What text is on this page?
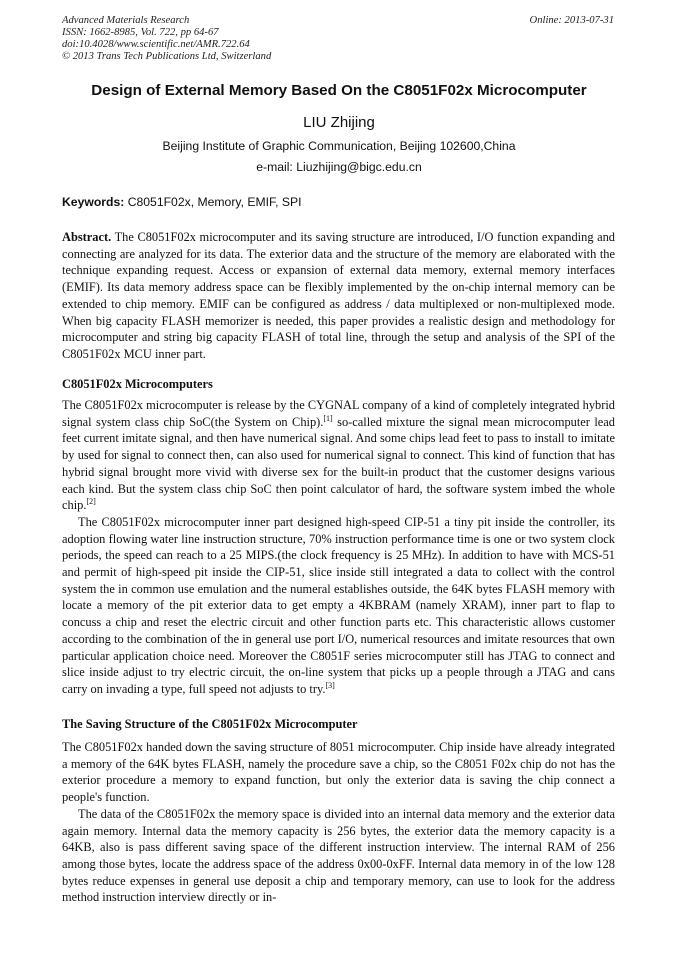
Advanced Materials Research
ISSN: 1662-8985, Vol. 722, pp 64-67
doi:10.4028/www.scientific.net/AMR.722.64
© 2013 Trans Tech Publications Ltd, Switzerland
Online: 2013-07-31
Design of External Memory Based On the C8051F02x Microcomputer
LIU Zhijing
Beijing Institute of Graphic Communication, Beijing 102600,China
e-mail: Liuzhijing@bigc.edu.cn
Keywords: C8051F02x, Memory, EMIF, SPI
Abstract. The C8051F02x microcomputer and its saving structure are introduced, I/O function expanding and connecting are analyzed for its data. The exterior data and the structure of the memory are elaborated with the technique expanding request. Access or expansion of external data memory, external memory interfaces (EMIF). Its data memory address space can be flexibly implemented by the on-chip internal memory can be extended to chip memory. EMIF can be configured as address / data multiplexed or non-multiplexed mode. When big capacity FLASH memorizer is needed, this paper provides a realistic design and methodology for microcomputer and string big capacity FLASH of total line, through the setup and analysis of the SPI of the C8051F02x MCU inner part.
C8051F02x Microcomputers

The C8051F02x microcomputer is release by the CYGNAL company of a kind of completely integrated hybrid signal system class chip SoC(the System on Chip).[1] so-called mixture the signal mean microcomputer lead feet current imitate signal, and then have numerical signal. And some chips lead feet to pass to install to imitate by used for signal to connect then, can also used for numerical signal to connect. This kind of function that has hybrid signal brought more vivid with diverse sex for the built-in product that the customer designs various each kind. But the system class chip SoC then point calculator of hard, the software system imbed the whole chip.[2]

The C8051F02x microcomputer inner part designed high-speed CIP-51 a tiny pit inside the controller, its adoption flowing water line instruction structure, 70% instruction performance time is one or two system clock periods, the speed can reach to a 25 MIPS.(the clock frequency is 25 MHz). In addition to have with MCS-51 and permit of high-speed pit inside the CIP-51, slice inside still integrated a data to collect with the control system the in common use emulation and the numeral establishes outside, the 64K bytes FLASH memory with locate a memory of the pit exterior data to get empty a 4KBRAM (namely XRAM), inner part to flap to concuss a chip and reset the electric circuit and other function parts etc. This characteristic allows customer according to the combination of the in general use port I/O, numerical resources and imitate resources that own particular application choice need. Moreover the C8051F series microcomputer still has JTAG to connect and slice inside adjust to try electric circuit, the on-line system that picks up a people through a JTAG and cans carry on invading a type, full speed not adjusts to try.[3]

The Saving Structure of the C8051F02x Microcomputer

The C8051F02x handed down the saving structure of 8051 microcomputer. Chip inside have already integrated a memory of the 64K bytes FLASH, namely the procedure save a chip, so the C8051 F02x chip do not has the exterior procedure a memory to expand function, but only the exterior data is saving the chip connect a people's function.

The data of the C8051F02x the memory space is divided into an internal data memory and the exterior data again memory. Internal data the memory capacity is 256 bytes, the exterior data the memory capacity is a 64KB, also is pass different saving space of the different instruction interview. The internal RAM of 256 among those bytes, locate the address space of the address 0x00-0xFF. Internal data memory in of the low 128 bytes reduce expenses in general use deposit a chip and temporary memory, can use to look for the address method instruction interview directly or in-
